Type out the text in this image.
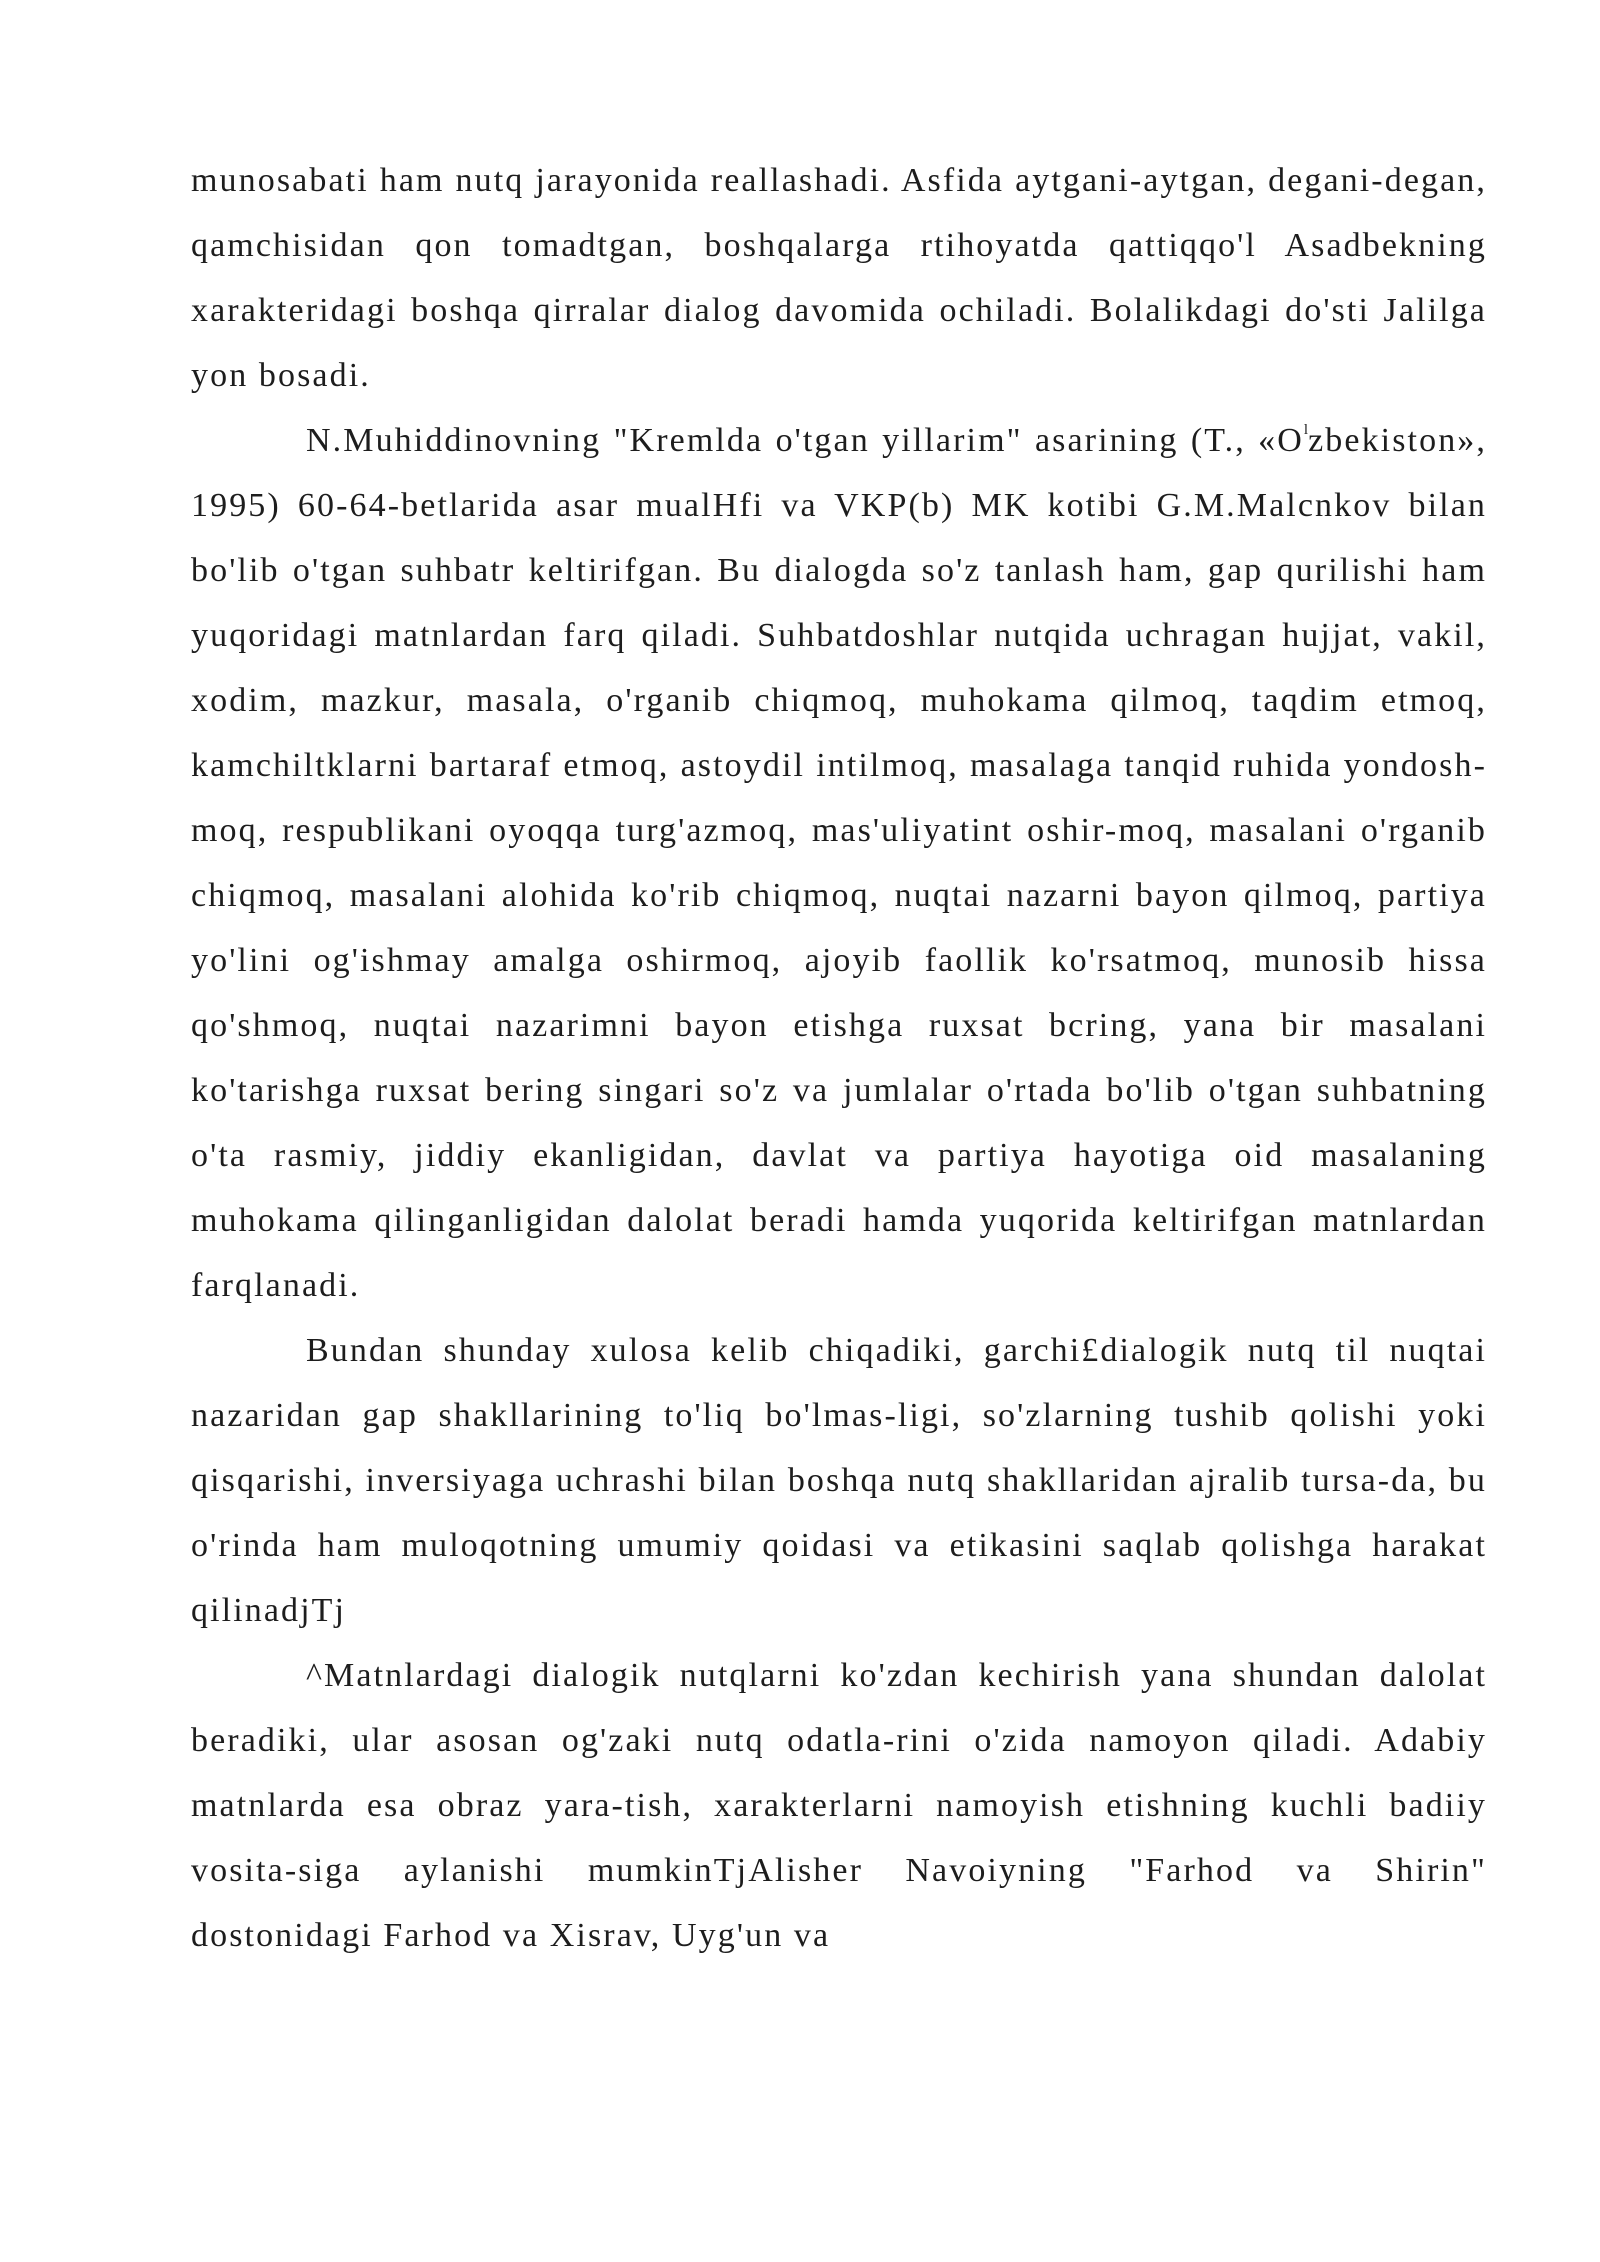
munosabati ham nutq jarayonida reallashadi. Asfida aytgani-aytgan, degani-degan, qamchisidan qon tomadtgan, boshqalarga rtihoyatda qattiqqo'l Asadbekning xarakteridagi boshqa qirralar dialog davomida ochiladi. Bolalikdagi do'sti Jalilga yon bosadi.

N.Muhiddinovning "Kremlda o'tgan yillarim" asarining (T., «$O^lzbekiston$», 1995) 60-64-betlarida asar mualHfi va VKP(b) MK kotibi G.M.Malcnkov bilan bo'lib o'tgan suhbatr keltirifgan. Bu dialogda so'z tanlash ham, gap qurilishi ham yuqoridagi matnlardan farq qiladi. Suhbatdoshlar nutqida uchragan hujjat, vakil, xodim, mazkur, masala, o'rganib chiqmoq, muhokama qilmoq, taqdim etmoq, kamchiltklarni bartaraf etmoq, astoydil intilmoq, masalaga tanqid ruhida yondosh-moq, respublikani oyoqqa turg'azmoq, mas'uliyatint oshir-moq, masalani o'rganib chiqmoq, masalani alohida ko'rib chiqmoq, nuqtai nazarni bayon qilmoq, partiya yo'lini og'ishmay amalga oshirmoq, ajoyib faollik ko'rsatmoq, munosib hissa qo'shmoq, nuqtai nazarimni bayon etishga ruxsat bcring, yana bir masalani ko'tarishga ruxsat bering singari so'z va jumlalar o'rtada bo'lib o'tgan suhbatning o'ta rasmiy, jiddiy ekanligidan, davlat va partiya hayotiga oid masalaning muhokama qilinganligidan dalolat beradi hamda yuqorida keltirifgan matnlardan farqlanadi.

Bundan shunday xulosa kelib chiqadiki, garchi£dialogik nutq til nuqtai nazaridan gap shakllarining to'liq bo'lmas-ligi, so'zlarning tushib qolishi yoki qisqarishi, inversiyaga uchrashi bilan boshqa nutq shakllaridan ajralib tursa-da, bu o'rinda ham muloqotning umumiy qoidasi va etikasini saqlab qolishga harakat qilinadjTj

^Matnlardagi dialogik nutqlarni ko'zdan kechirish yana shundan dalolat beradiki, ular asosan og'zaki nutq odatla-rini o'zida namoyon qiladi. Adabiy matnlarda esa obraz yara-tish, xarakterlarni namoyish etishning kuchli badiiy vosita-siga aylanishi mumkinTjAlisher Navoiyning "Farhod va Shirin" dostonidagi Farhod va Xisrav, Uyg'un va
